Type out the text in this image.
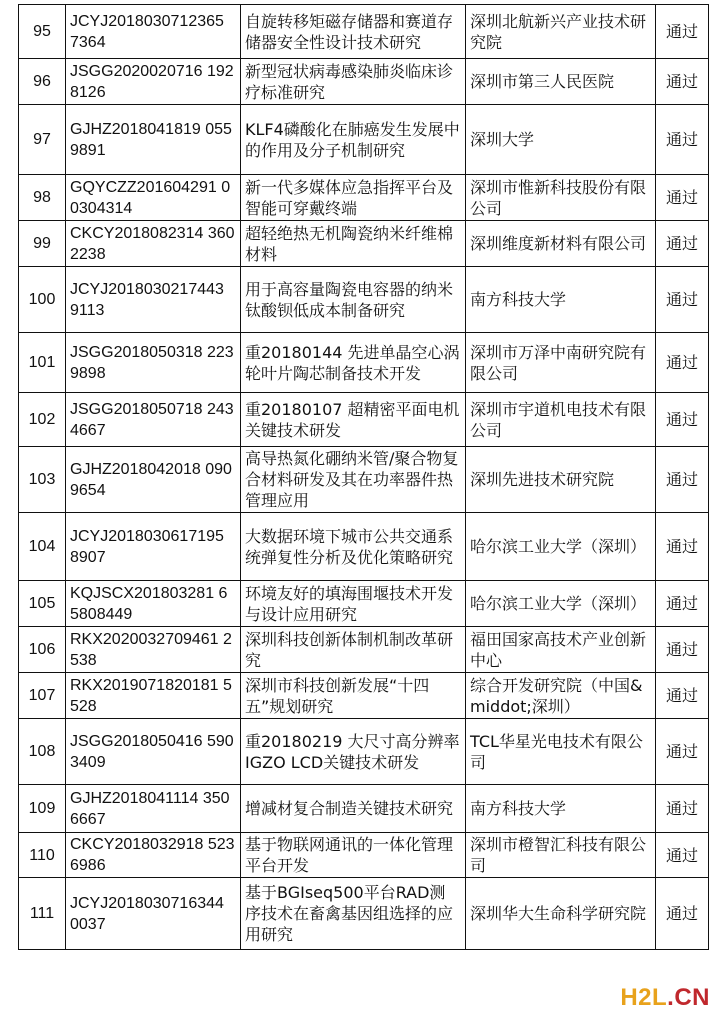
95	JCYJ2018030712365 7364	自旋转移矩磁存储器和赛道存储器安全性设计技术研究	深圳北航新兴产业技术研究院	通过
96	JSGG2020020716 1928126	新型冠状病毒感染肺炎临床诊疗标准研究	深圳市第三人民医院	通过
97	GJHZ2018041819 0559891	KLF4磷酸化在肺癌发生发展中的作用及分子机制研究	深圳大学	通过
98	GQYCZZ201604291 00304314	新一代多媒体应急指挥平台及智能可穿戴终端	深圳市惟新科技股份有限公司	通过
99	CKCY2018082314 3602238	超轻绝热无机陶瓷纳米纤维棉材料	深圳维度新材料有限公司	通过
100	JCYJ2018030217443 9113	用于高容量陶瓷电容器的纳米钛酸钡低成本制备研究	南方科技大学	通过
101	JSGG2018050318 2239898	重20180144 先进单晶空心涡轮叶片陶芯制备技术开发	深圳市万泽中南研究院有限公司	通过
102	JSGG2018050718 2434667	重20180107 超精密平面电机关键技术研发	深圳市宇道机电技术有限公司	通过
103	GJHZ2018042018 0909654	高导热氮化硼纳米管/聚合物复合材料研发及其在功率器件热管理应用	深圳先进技术研究院	通过
104	JCYJ2018030617195 8907	大数据环境下城市公共交通系统弹复性分析及优化策略研究	哈尔滨工业大学（深圳）	通过
105	KQJSCX201803281 65808449	环境友好的填海围堰技术开发与设计应用研究	哈尔滨工业大学（深圳）	通过
106	RKX2020032709461 2538	深圳科技创新体制机制改革研究	福田国家高技术产业创新中心	通过
107	RKX2019071820181 5528	深圳市科技创新发展“十四五”规划研究	综合开发研究院（中国&middot;深圳）	通过
108	JSGG2018050416 5903409	重20180219 大尺寸高分辨率 IGZO LCD关键技术研发	TCL华星光电技术有限公司	通过
109	GJHZ2018041114 3506667	增减材复合制造关键技术研究	南方科技大学	通过
110	CKCY2018032918 5236986	基于物联网通讯的一体化管理平台开发	深圳市橙智汇科技有限公司	通过
111	JCYJ2018030716344 0037	基于BGIseq500平台RAD测序技术在畜禽基因组选择的应用研究	深圳华大生命科学研究院	通过
H2L.CN
